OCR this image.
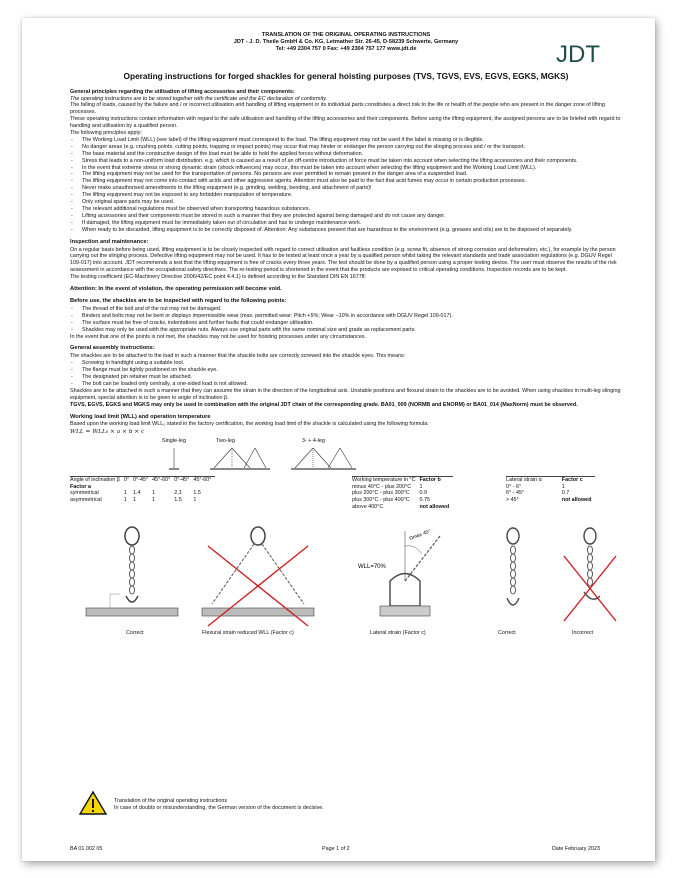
TRANSLATION OF THE ORIGINAL OPERATING INSTRUCTIONS
JDT - J. D. Theile GmbH & Co. KG, Letmather Str. 26-45, D-58239 Schwerte, Germany
Tel: +49 2304 757 0 Fax: +49 2304 757 177 www.jdt.de
Operating instructions for forged shackles for general hoisting purposes (TVS, TGVS, EVS, EGVS, EGKS, MGKS)

General principles regarding the utilisation of lifting accessories and their components:

The operating instructions are to be stored together with the certificate and the EC declaration of conformity.

The falling of loads, caused by the failure and / or incorrect utilisation and handling of lifting equipment or its individual parts constitutes a direct risk to the life or health of the people who are present in the danger zone of lifting processes.

These operating instructions contain information with regard to the safe utilisation and handling of the lifting accessories and their components. Before using the lifting equipment, the assigned persons are to be briefed with regard to handling and utilisation by a qualified person.

The following principles apply:

- The Working Load Limit (WLL) (see label) of the lifting equipment must correspond to the load. The lifting equipment may not be used if the label is missing or is illegible.
- No danger areas (e.g. crushing points, cutting points, trapping or impact points) may occur that may hinder or endanger the person carrying out the slinging process and / or the transport.
- The base material and the constructive design of the load must be able to hold the applied forces without deformation.
- Stress that leads to a non-uniform load distribution, e.g. which is caused as a result of an off-centre introduction of force must be taken into account when selecting the lifting accessories and their components.
- In the event that extreme stress or strong dynamic strain (shock influences) may occur, this must be taken into account when selecting the lifting equipment and the Working Load Limit (WLL).
- The lifting equipment may not be used for the transportation of persons. No persons are ever permitted to remain present in the danger area of a suspended load.
- The lifting equipment may not come into contact with acids and other aggressive agents. Attention must also be paid to the fact that acid fumes may occur in certain production processes.
- Never make unauthorised amendments to the lifting equipment (e.g. grinding, welding, bending, and attachment of parts)!
- The lifting equipment may not be exposed to any forbidden manipulation of temperature.
- Only original spare parts may be used.
- The relevant additional regulations must be observed when transporting hazardous substances.
- Lifting accessories and their components must be stored in such a manner that they are protected against being damaged and do not cause any danger.
- If damaged, the lifting equipment must be immediately taken out of circulation and has to undergo maintenance work.
- When ready to be discarded, lifting equipment is to be correctly disposed of. Attention: Any substances present that are hazardous to the environment (e.g. greases and oils) are to be disposed of separately.
Inspection and maintenance:

On a regular basis before being used, lifting equipment is to be closely inspected with regard to correct utilisation and faultless condition (e.g. screw fit, absence of strong corrosion and deformation, etc.), for example by the person carrying out the slinging process. Defective lifting equipment may not be used. It has to be tested at least once a year by a qualified person whilst taking the relevant standards and trade association regulations (e.g. DGUV Regel 109-017) into account. JDT recommends a test that the lifting equipment is free of cracks every three years. The test should be done by a qualified person using a proper testing device. The user must observe the results of the risk assessment in accordance with the occupational safety directives. The re-testing period is shortened in the event that the products are exposed to critical operating conditions. Inspection records are to be kept.

The testing coefficient (EC-Machinery Directive 2006/42/EC point 4.4.1) is defined according to the Standard DIN EN 1677ff.

Attention: In the event of violation, the operating permission will become void.
Before use, the shackles are to be inspected with regard to the following points:
- The thread of the bolt and of the nut may not be damaged.
- Binders and bolts may not be bent or displays impermissible wear (max. permitted wear: Pitch +5%; Wear −10% in accordance with DGUV Regel 109-017).
- The surface must be free of cracks, indentations and further faults that could endanger utilisation.
- Shackles may only be used with the appropriate nuts. Always use original parts with the same nominal size and grade as replacement parts.

In the event that one of the points is not met, the shackles may not be used for hoisting processes under any circumstances.

General assembly instructions:

The shackles are to be attached to the load in such a manner that the shackle bolts are correctly screwed into the shackle eyes. This means:

- Screwing in handtight using a suitable tool.
- The flange must be tightly positioned on the shackle eye.
- The designated pin retainer must be attached.
- The bolt can be loaded only centrally, a one-sided load is not allowed.

Shackles are to be attached in such a manner that they can assume the strain in the direction of the longitudinal axis. Unstable positions and flexural strain to the shackles are to be avoided. When using shackles in multi-leg slinging equipment, special attention is to be given to angle of inclination β.

TGVS, EGVS, EGKS and MGKS may only be used in combination with the original JDT chain of the corresponding grade. BA01_009 (NORMB and ENORM) or BA01_014 (MaxNorm) must be observed.

Working load limit (WLL) and operation temperature

Based upon the working load limit WLL₀ stated in the factory certification, the working load limit of the shackle is calculated using the following formula:

WLL = WLL₀ × a × b × c
Single-leg	Two-leg	3- + 4-leg
Angle of inclination β	0°	0°-45°	45°-60°	0°-45°	45°-60°
Factor a					
symmetrical	1	1.4	1	2.1	1.5
asymmetrical	1	1	1	1.5	1
Working temperature in °C	Factor b
minus 40°C - plus 200°C	1
plus 200°C - plus 300°C	0.9
plus 300°C - plus 400°C	0.75
above 400°C	not allowed
Lateral strain α	Factor c
0° - 6°	1
6° - 45°	0.7
> 45°	not allowed
WLL=70%
Ωmax 45°
Correct	Flexural strain reduced WLL (Factor c)	Lateral strain (Factor c)	Correct	Incorrect
JDT
Translation of the original operating instructions
In case of doubts or misunderstanding, the German version of the document is decisive.
BA 01 002 05	Page 1 of 2	Date February 2023
